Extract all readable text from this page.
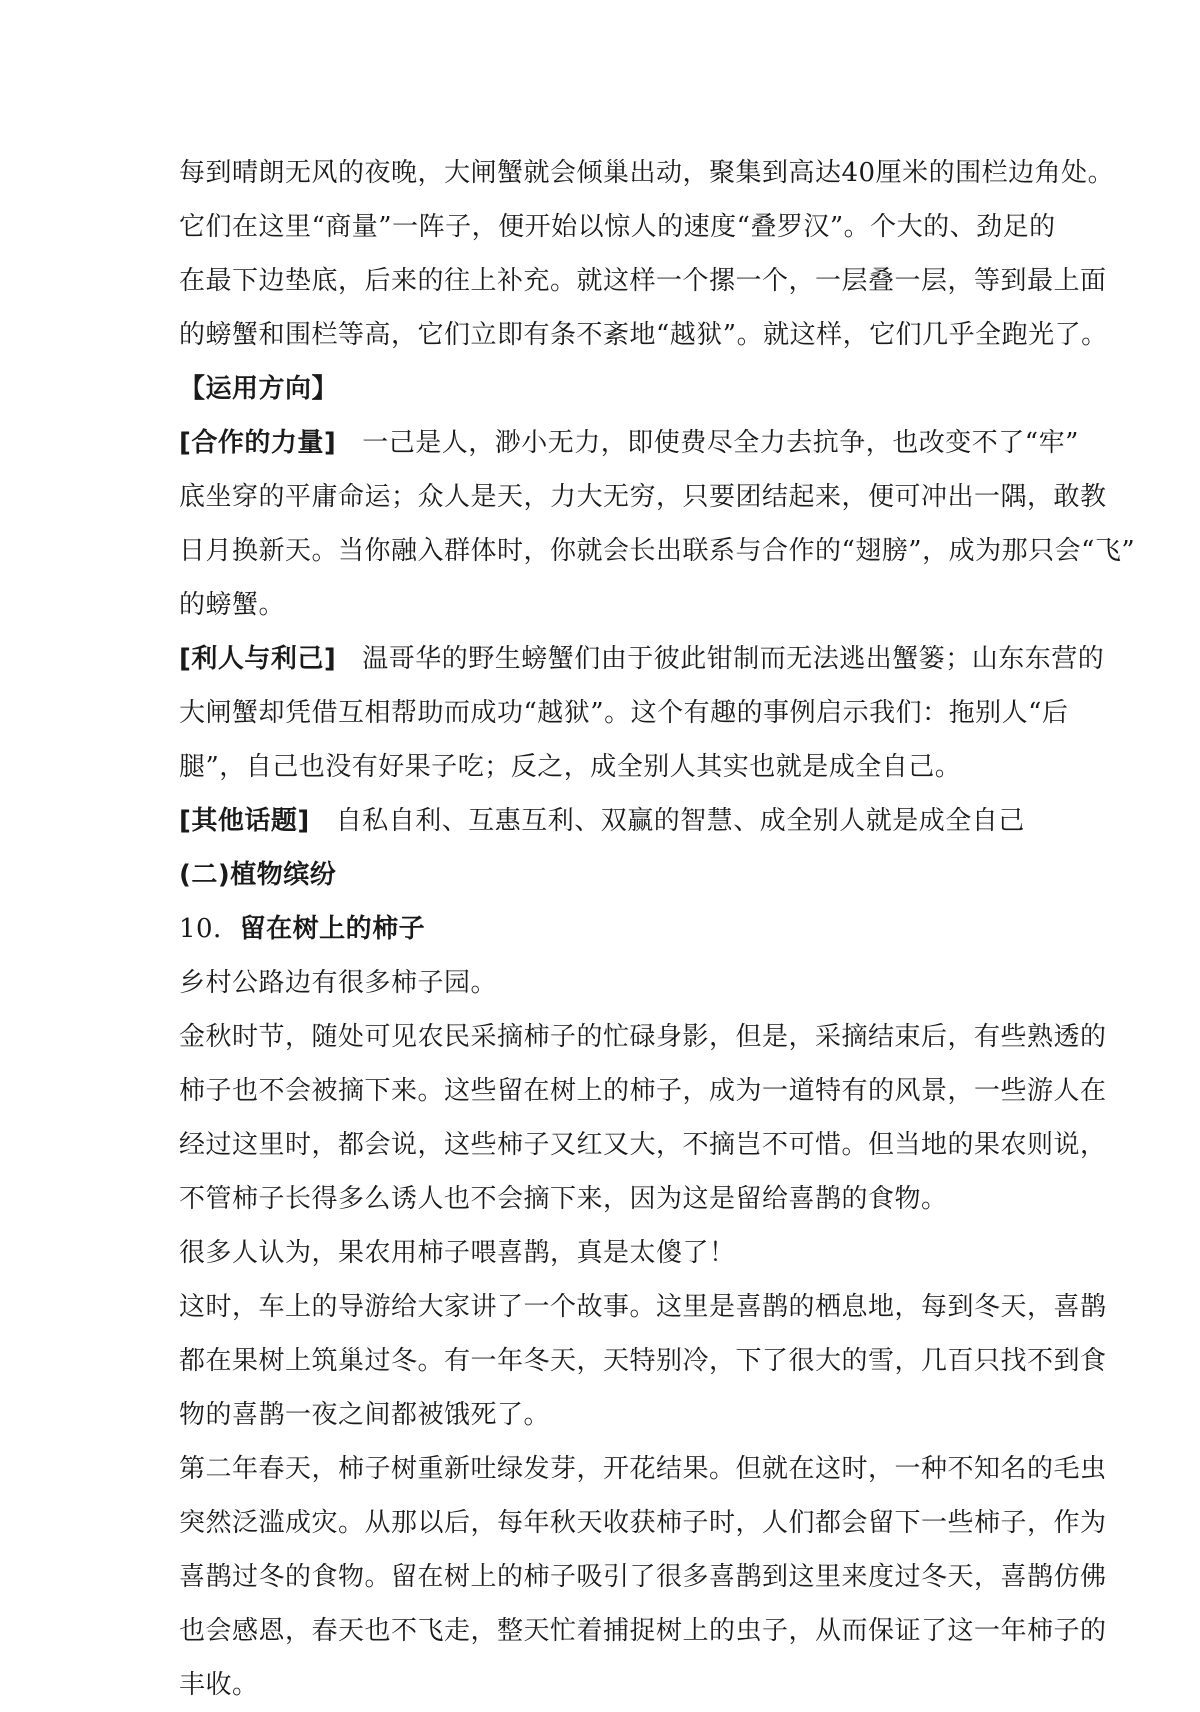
每到晴朗无风的夜晚，大闸蟹就会倾巢出动，聚集到高达40厘米的围栏边角处。
它们在这里“商量”一阵子，便开始以惊人的速度“叠罗汉”。个大的、劲足的
在最下边垫底，后来的往上补充。就这样一个摞一个，一层叠一层，等到最上面
的螃蟹和围栏等高，它们立即有条不紊地“越狱”。就这样，它们几乎全跑光了。
【运用方向】
[合作的力量] 一己是人，渺小无力，即使费尽全力去抗争，也改变不了“牢”
底坐穿的平庸命运；众人是天，力大无穷，只要团结起来，便可冲出一隅，敢教
日月换新天。当你融入群体时，你就会长出联系与合作的“翅膀”，成为那只会“飞”
的螃蟹。
[利人与利己] 温哥华的野生螃蟹们由于彼此钳制而无法逃出蟹篓；山东东营的
大闸蟹却凭借互相帮助而成功“越狱”。这个有趣的事例启示我们：拖别人“后
腿”，自己也没有好果子吃；反之，成全别人其实也就是成全自己。
[其他话题] 自私自利、互惠互利、双赢的智慧、成全别人就是成全自己
(二)植物缤纷
10．留在树上的柿子
乡村公路边有很多柿子园。
金秋时节，随处可见农民采摘柿子的忙碌身影，但是，采摘结束后，有些熟透的
柿子也不会被摘下来。这些留在树上的柿子，成为一道特有的风景，一些游人在
经过这里时，都会说，这些柿子又红又大，不摘岂不可惜。但当地的果农则说，
不管柿子长得多么诱人也不会摘下来，因为这是留给喜鹊的食物。
很多人认为，果农用柿子喂喜鹊，真是太傻了！
这时，车上的导游给大家讲了一个故事。这里是喜鹊的栖息地，每到冬天，喜鹊
都在果树上筑巢过冬。有一年冬天，天特别冷，下了很大的雪，几百只找不到食
物的喜鹊一夜之间都被饿死了。
第二年春天，柿子树重新吐绿发芽，开花结果。但就在这时，一种不知名的毛虫
突然泛滥成灾。从那以后，每年秋天收获柿子时，人们都会留下一些柿子，作为
喜鹊过冬的食物。留在树上的柿子吸引了很多喜鹊到这里来度过冬天，喜鹊仿佛
也会感恩，春天也不飞走，整天忙着捕捉树上的虫子，从而保证了这一年柿子的
丰收。
